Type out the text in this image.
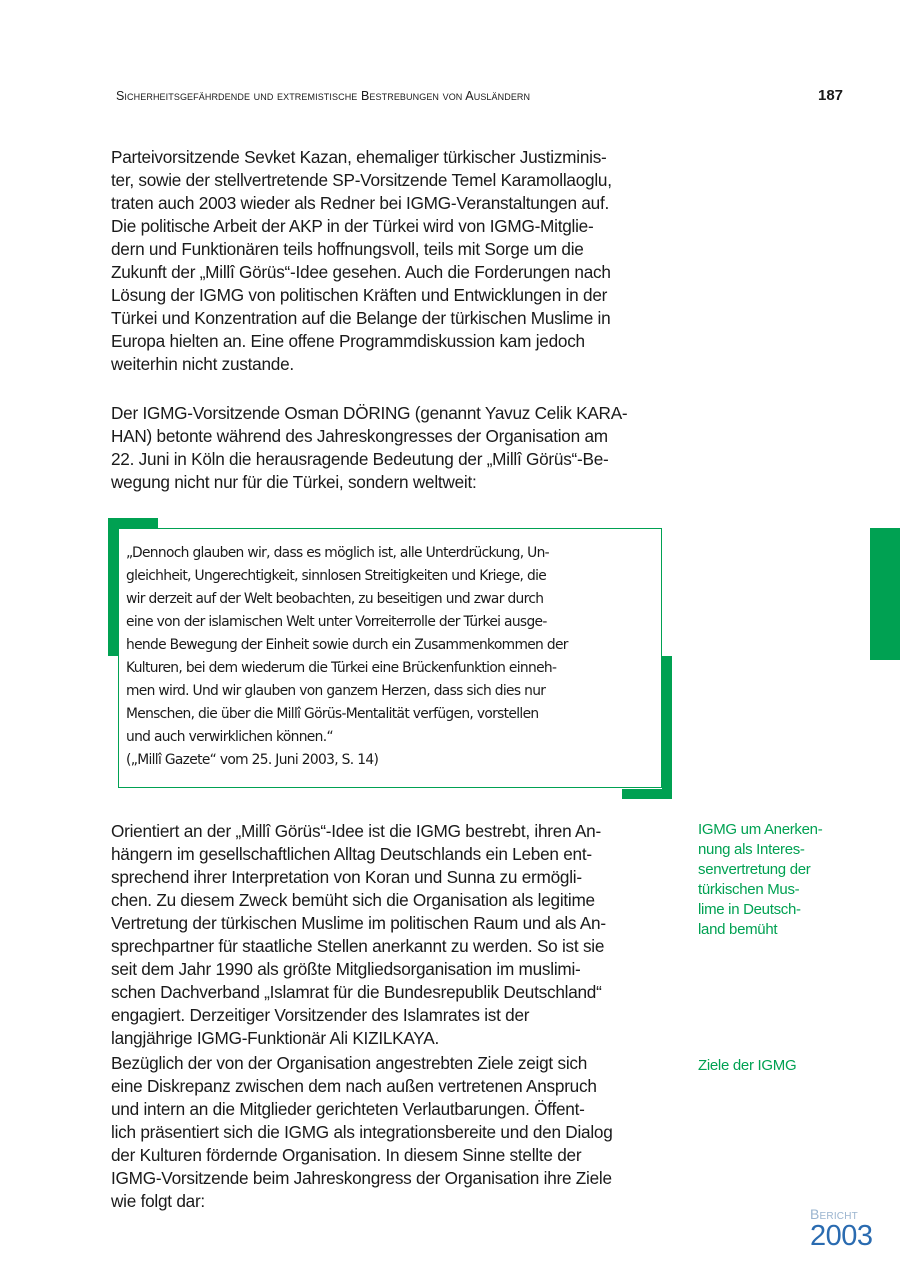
Sicherheitsgefährdende und extremistische Bestrebungen von Ausländern	187
Parteivorsitzende Sevket Kazan, ehemaliger türkischer Justizminis-
ter, sowie der stellvertretende SP-Vorsitzende Temel Karamollaoglu,
traten auch 2003 wieder als Redner bei IGMG-Veranstaltungen auf.
Die politische Arbeit der AKP in der Türkei wird von IGMG-Mitglie-
dern und Funktionären teils hoffnungsvoll, teils mit Sorge um die
Zukunft der „Millî Görüs“-Idee gesehen. Auch die Forderungen nach
Lösung der IGMG von politischen Kräften und Entwicklungen in der
Türkei und Konzentration auf die Belange der türkischen Muslime in
Europa hielten an. Eine offene Programmdiskussion kam jedoch
weiterhin nicht zustande.
Der IGMG-Vorsitzende Osman DÖRING (genannt Yavuz Celik KARA-
HAN) betonte während des Jahreskongresses der Organisation am
22. Juni in Köln die herausragende Bedeutung der „Millî Görüs“-Be-
wegung nicht nur für die Türkei, sondern weltweit:
„Dennoch glauben wir, dass es möglich ist, alle Unterdrückung, Un-
gleichheit, Ungerechtigkeit, sinnlosen Streitigkeiten und Kriege, die
wir derzeit auf der Welt beobachten, zu beseitigen und zwar durch
eine von der islamischen Welt unter Vorreiterrolle der Türkei ausge-
hende Bewegung der Einheit sowie durch ein Zusammenkommen der
Kulturen, bei dem wiederum die Türkei eine Brückenfunktion einneh-
men wird. Und wir glauben von ganzem Herzen, dass sich dies nur
Menschen, die über die Millî Görüs-Mentalität verfügen, vorstellen
und auch verwirklichen können.“
(„Millî Gazete“ vom 25. Juni 2003, S. 14)
Orientiert an der „Millî Görüs“-Idee ist die IGMG bestrebt, ihren An-
hängern im gesellschaftlichen Alltag Deutschlands ein Leben ent-
sprechend ihrer Interpretation von Koran und Sunna zu ermögli-
chen. Zu diesem Zweck bemüht sich die Organisation als legitime
Vertretung der türkischen Muslime im politischen Raum und als An-
sprechpartner für staatliche Stellen anerkannt zu werden. So ist sie
seit dem Jahr 1990 als größte Mitgliedsorganisation im muslimi-
schen Dachverband „Islamrat für die Bundesrepublik Deutschland“
engagiert. Derzeitiger Vorsitzender des Islamrates ist der
langjährige IGMG-Funktionär Ali KIZILKAYA.
Bezüglich der von der Organisation angestrebten Ziele zeigt sich
eine Diskrepanz zwischen dem nach außen vertretenen Anspruch
und intern an die Mitglieder gerichteten Verlautbarungen. Öffent-
lich präsentiert sich die IGMG als integrationsbereite und den Dialog
der Kulturen fördernde Organisation. In diesem Sinne stellte der
IGMG-Vorsitzende beim Jahreskongress der Organisation ihre Ziele
wie folgt dar:
IGMG um Anerken-
nung als Interes-
senvertretung der
türkischen Mus-
lime in Deutsch-
land bemüht
Ziele der IGMG
Bericht
2003
